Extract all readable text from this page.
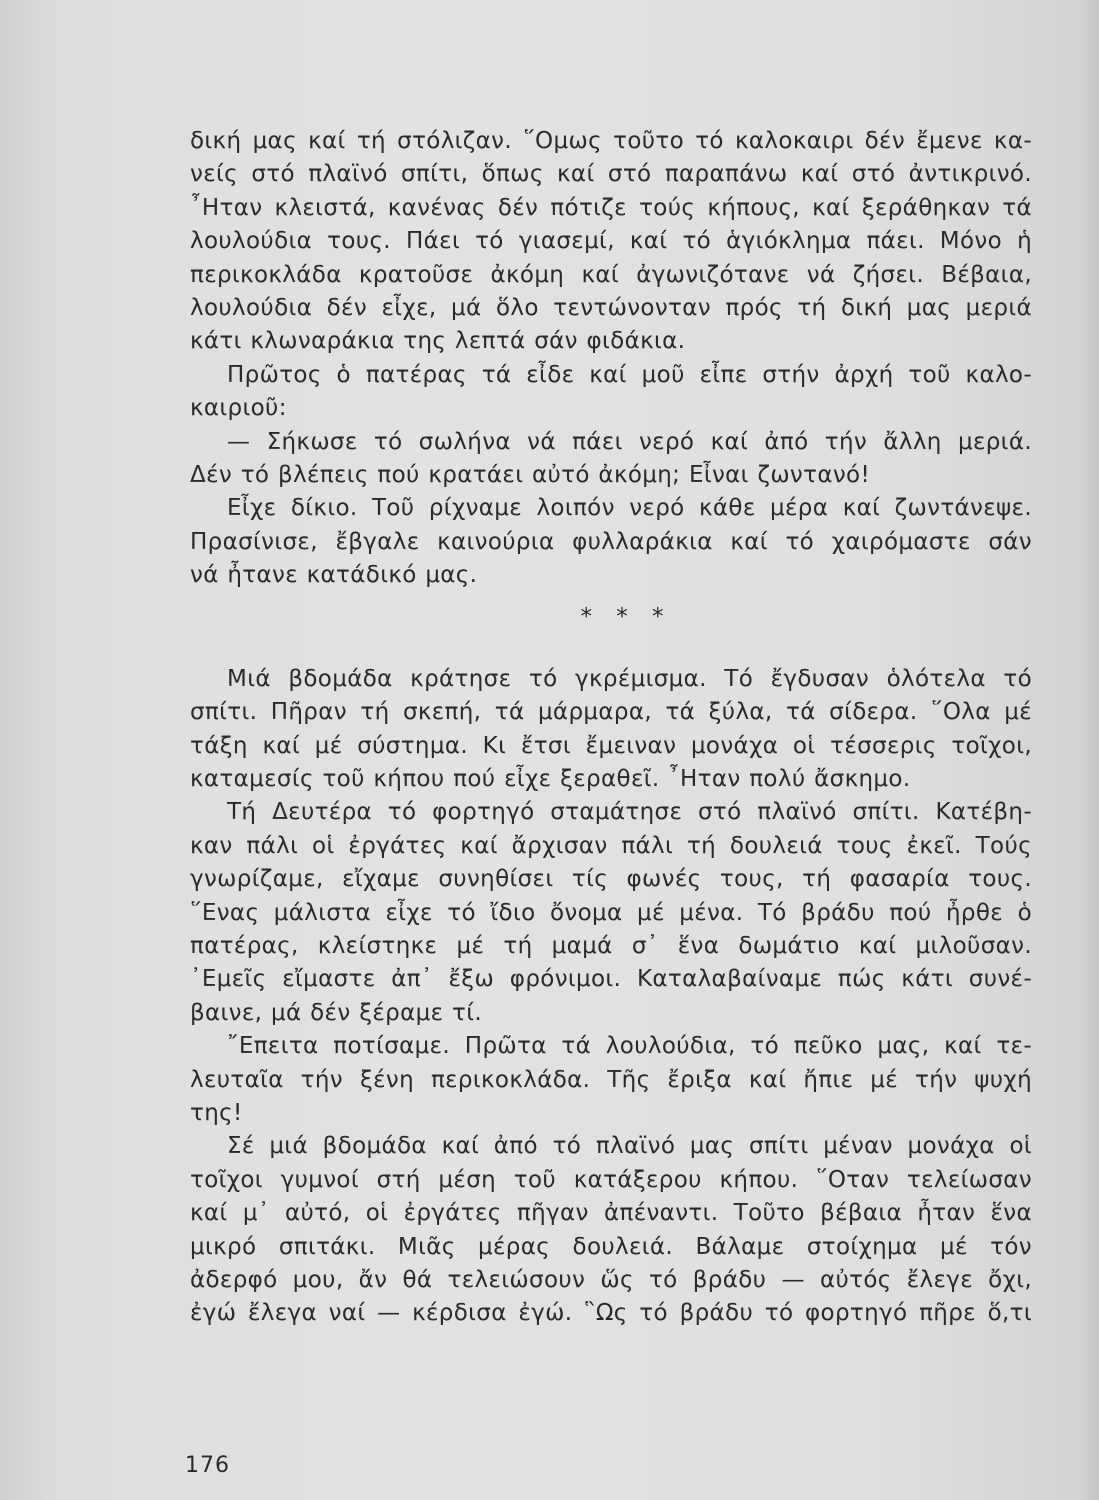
δική μας καί τή στόλιζαν. ῞Ομως τοῦτο τό καλοκαιρι δέν ἔμενε κα-
νείς στό πλαϊνό σπίτι, ὅπως καί στό παραπάνω καί στό ἀντικρινό.
῏Ηταν κλειστά, κανένας δέν πότιζε τούς κήπους, καί ξεράθηκαν τά
λουλούδια τους. Πάει τό γιασεμί, καί τό ἁγιόκλημα πάει. Μόνο ἡ
περικοκλάδα κρατοῦσε ἀκόμη καί ἀγωνιζότανε νά ζήσει. Βέβαια,
λουλούδια δέν εἶχε, μά ὅλο τεντώνονταν πρός τή δική μας μεριά
κάτι κλωναράκια της λεπτά σάν φιδάκια.
Πρῶτος ὁ πατέρας τά εἶδε καί μοῦ εἶπε στήν ἀρχή τοῦ καλο-
καιριοῦ:
— Σήκωσε τό σωλήνα νά πάει νερό καί ἀπό τήν ἄλλη μεριά.
Δέν τό βλέπεις πού κρατάει αὐτό ἀκόμη; Εἶναι ζωντανό!
Εἶχε δίκιο. Τοῦ ρίχναμε λοιπόν νερό κάθε μέρα καί ζωντάνεψε.
Πρασίνισε, ἔβγαλε καινούρια φυλλαράκια καί τό χαιρόμαστε σάν
νά ἦτανε κατάδικό μας.
* * *
Μιά βδομάδα κράτησε τό γκρέμισμα. Τό ἔγδυσαν ὁλότελα τό
σπίτι. Πῆραν τή σκεπή, τά μάρμαρα, τά ξύλα, τά σίδερα. ῞Ολα μέ
τάξη καί μέ σύστημα. Κι ἔτσι ἔμειναν μονάχα οἱ τέσσερις τοῖχοι,
καταμεσίς τοῦ κήπου πού εἶχε ξεραθεῖ. ῏Ηταν πολύ ἄσκημο.
Τή Δευτέρα τό φορτηγό σταμάτησε στό πλαϊνό σπίτι. Κατέβη-
καν πάλι οἱ ἐργάτες καί ἄρχισαν πάλι τή δουλειά τους ἐκεῖ. Τούς
γνωρίζαμε, εἴχαμε συνηθίσει τίς φωνές τους, τή φασαρία τους.
῞Ενας μάλιστα εἶχε τό ἴδιο ὄνομα μέ μένα. Τό βράδυ πού ἦρθε ὁ
πατέρας, κλείστηκε μέ τή μαμά σ᾿ ἕνα δωμάτιο καί μιλοῦσαν.
᾿Εμεῖς εἴμαστε ἀπ᾿ ἔξω φρόνιμοι. Καταλαβαίναμε πώς κάτι συνέ-
βαινε, μά δέν ξέραμε τί.
῎Επειτα ποτίσαμε. Πρῶτα τά λουλούδια, τό πεῦκο μας, καί τε-
λευταῖα τήν ξένη περικοκλάδα. Τῆς ἔριξα καί ἤπιε μέ τήν ψυχή
της!
Σέ μιά βδομάδα καί ἀπό τό πλαϊνό μας σπίτι μέναν μονάχα οἱ
τοῖχοι γυμνοί στή μέση τοῦ κατάξερου κήπου. ῞Οταν τελείωσαν
καί μ᾿ αὐτό, οἱ ἐργάτες πῆγαν ἀπέναντι. Τοῦτο βέβαια ἦταν ἕνα
μικρό σπιτάκι. Μιᾶς μέρας δουλειά. Βάλαμε στοίχημα μέ τόν
ἀδερφό μου, ἄν θά τελειώσουν ὥς τό βράδυ — αὐτός ἔλεγε ὄχι,
ἐγώ ἔλεγα ναί — κέρδισα ἐγώ. ῝Ως τό βράδυ τό φορτηγό πῆρε ὅ,τι
176
